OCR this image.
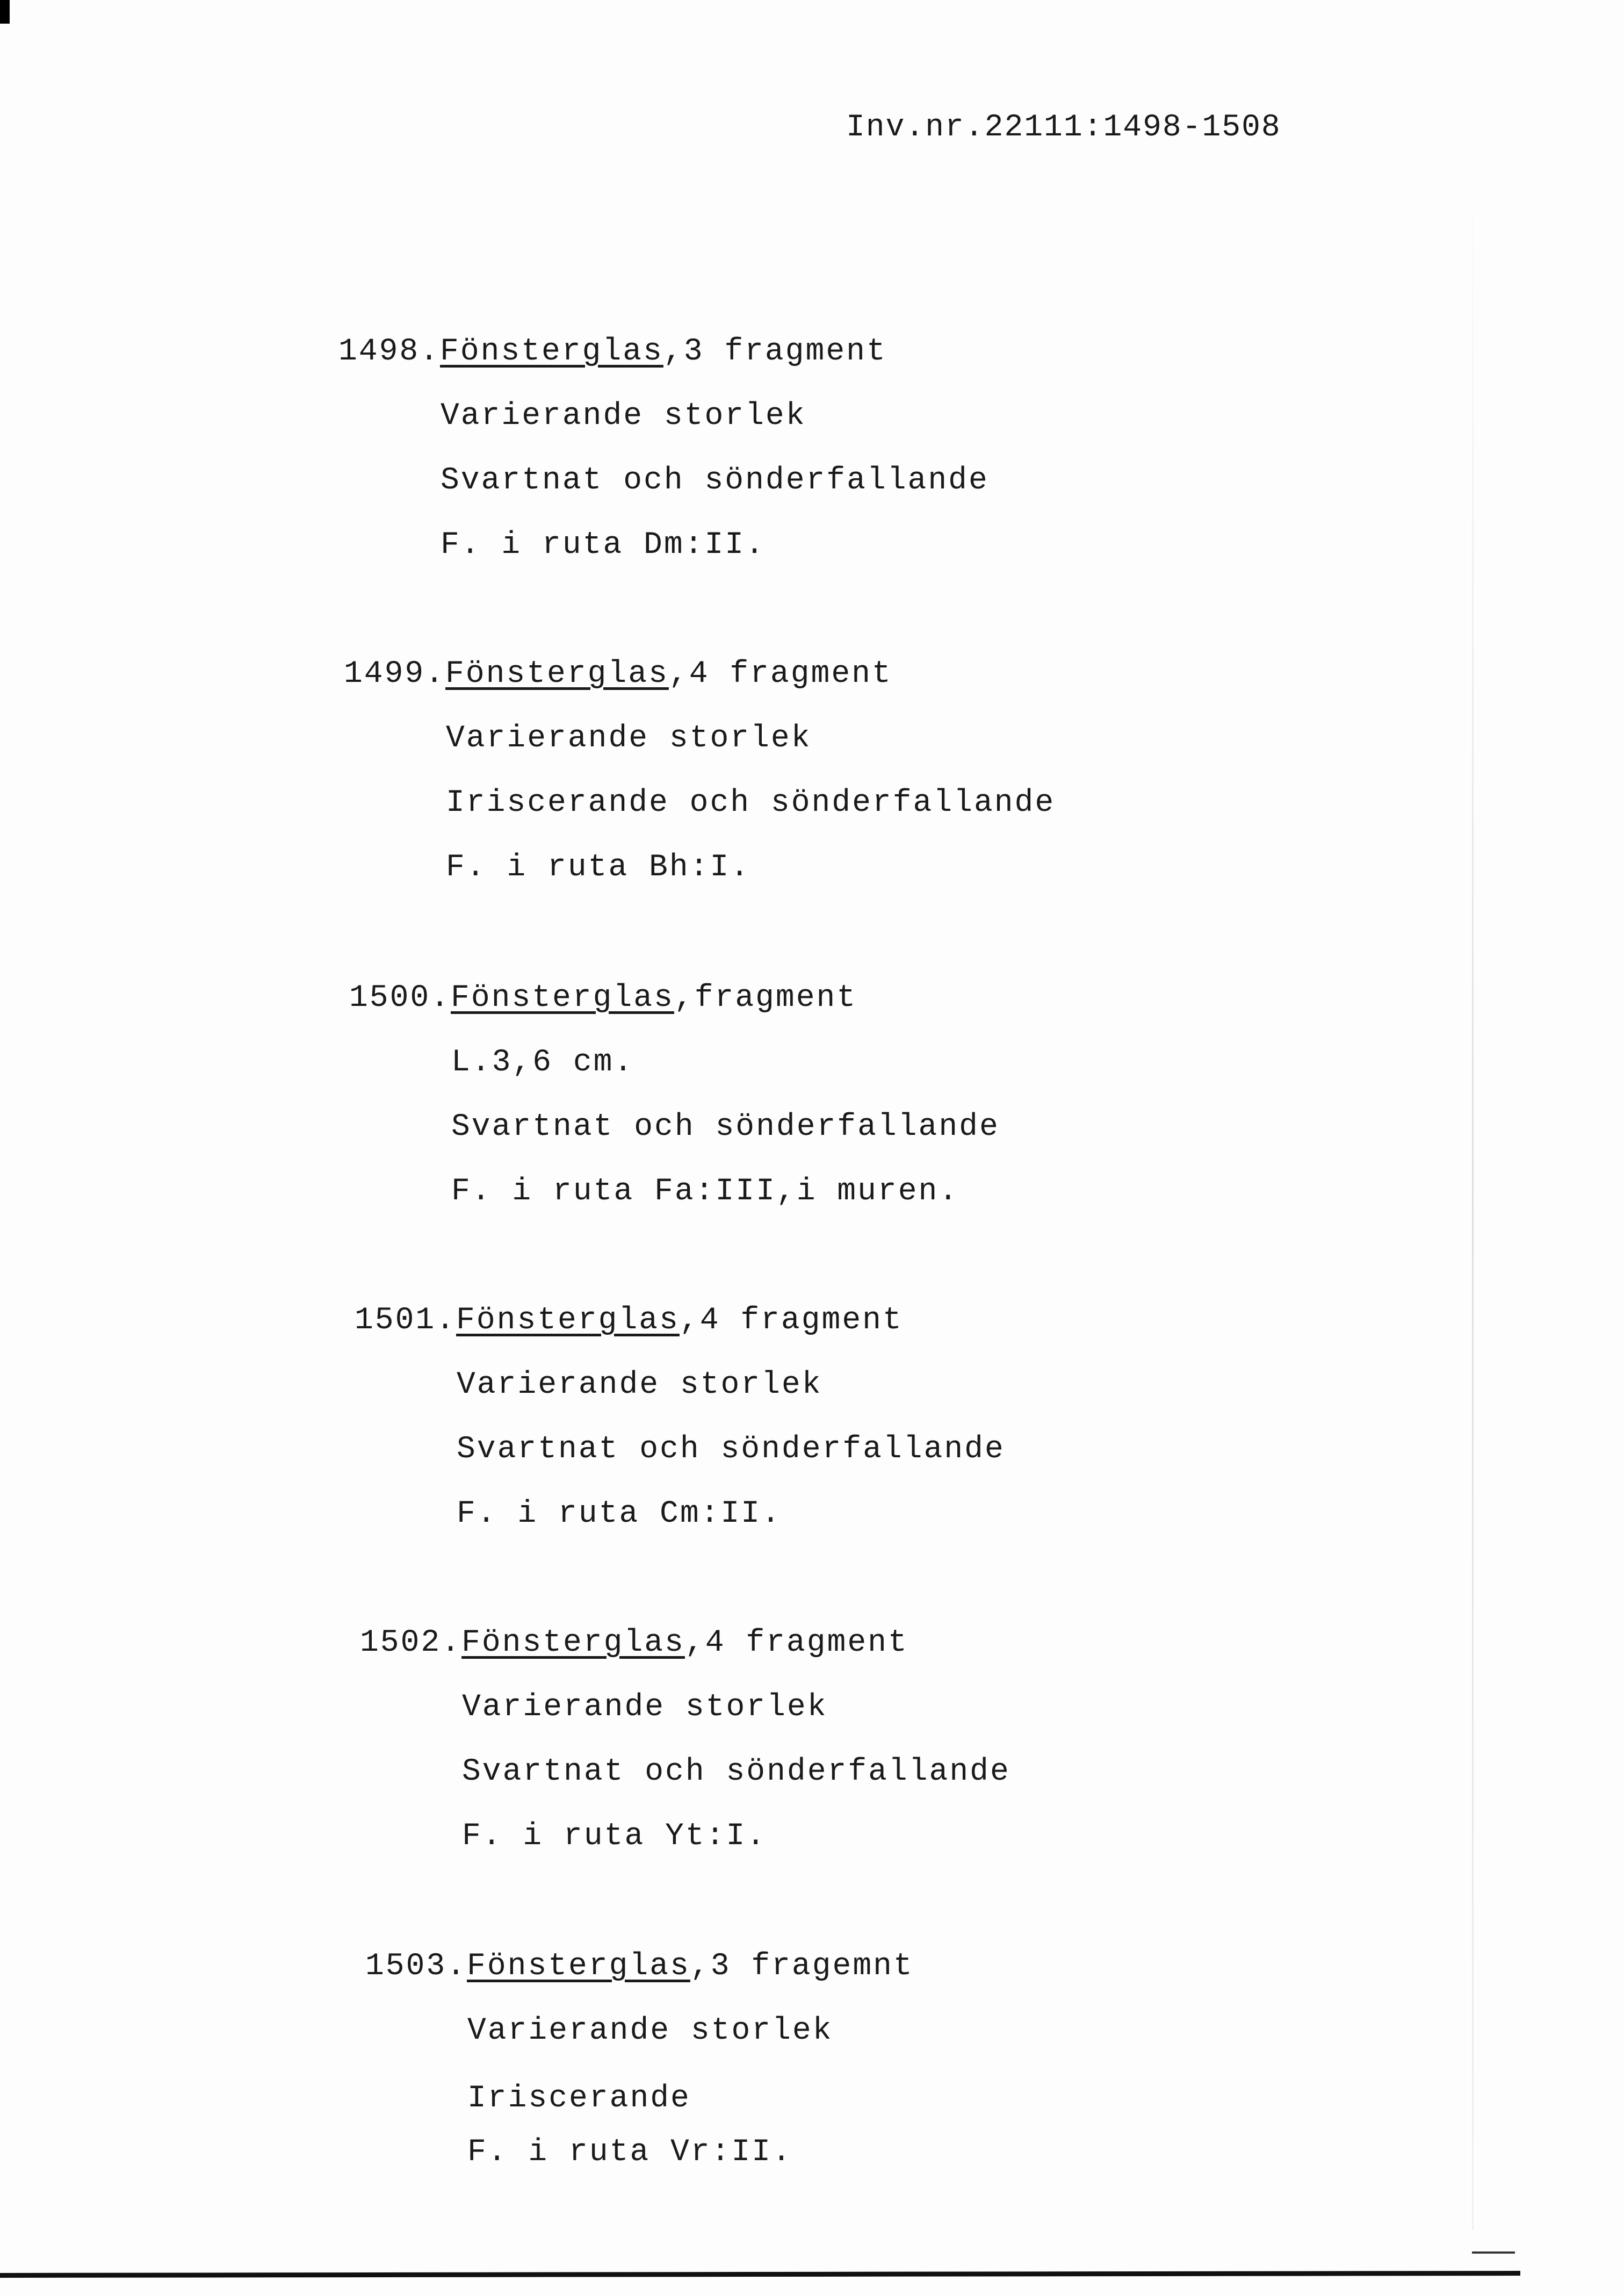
Inv.nr.22111:1498-1508
1498.Fönsterglas,3 fragment
Varierande storlek
Svartnat och sönderfallande
F. i ruta Dm:II.
1499.Fönsterglas,4 fragment
Varierande storlek
Iriscerande och sönderfallande
F. i ruta Bh:I.
1500.Fönsterglas,fragment
L.3,6 cm.
Svartnat och sönderfallande
F. i ruta Fa:III,i muren.
1501.Fönsterglas,4 fragment
Varierande storlek
Svartnat och sönderfallande
F. i ruta Cm:II.
1502.Fönsterglas,4 fragment
Varierande storlek
Svartnat och sönderfallande
F. i ruta Yt:I.
1503.Fönsterglas,3 fragemnt
Varierande storlek
Iriscerande
F. i ruta Vr:II.
